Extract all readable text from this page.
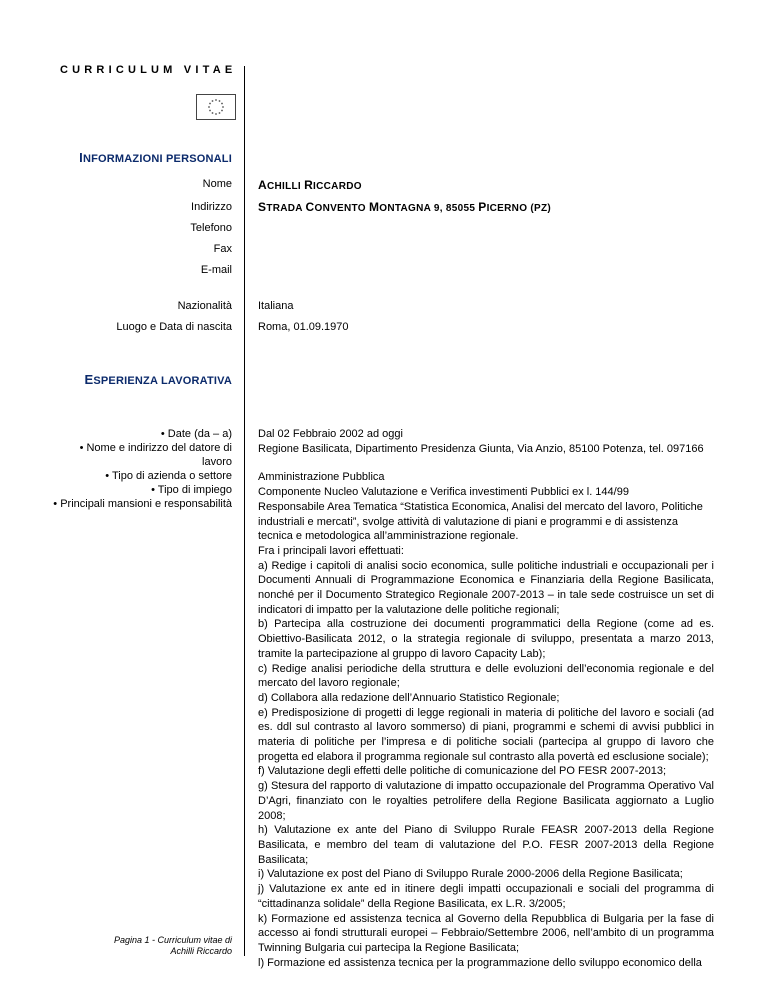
CURRICULUM VITAE
INFORMAZIONI PERSONALI
Nome ACHILLI RICCARDO
Indirizzo STRADA CONVENTO MONTAGNA 9, 85055 PICERNO (PZ)
Telefono
Fax
E-mail
Nazionalità Italiana
Luogo e Data di nascita Roma, 01.09.1970
ESPERIENZA LAVORATIVA
• Date (da – a)
• Nome e indirizzo del datore di
lavoro
• Tipo di azienda o settore
• Tipo di impiego
• Principali mansioni e responsabilità
Dal 02 Febbraio 2002 ad oggi
Regione Basilicata, Dipartimento Presidenza Giunta, Via Anzio, 85100 Potenza, tel. 097166
Amministrazione Pubblica
Componente Nucleo Valutazione e Verifica investimenti Pubblici ex l. 144/99
Responsabile Area Tematica “Statistica Economica, Analisi del mercato del lavoro, Politiche industriali e mercati”, svolge attività di valutazione di piani e programmi e di assistenza tecnica e metodologica all’amministrazione regionale.
Fra i principali lavori effettuati:
a) Redige i capitoli di analisi socio economica, sulle politiche industriali e occupazionali per i Documenti Annuali di Programmazione Economica e Finanziaria della Regione Basilicata, nonché per il Documento Strategico Regionale 2007-2013 – in tale sede costruisce un set di indicatori di impatto per la valutazione delle politiche regionali;
b) Partecipa alla costruzione dei documenti programmatici della Regione (come ad es. Obiettivo-Basilicata 2012, o la strategia regionale di sviluppo, presentata a marzo 2013, tramite la partecipazione al gruppo di lavoro Capacity Lab);
c) Redige analisi periodiche della struttura e delle evoluzioni dell’economia regionale e del mercato del lavoro regionale;
d) Collabora alla redazione dell’Annuario Statistico Regionale;
e) Predisposizione di progetti di legge regionali in materia di politiche del lavoro e sociali (ad es. ddl sul contrasto al lavoro sommerso) di piani, programmi e schemi di avvisi pubblici in materia di politiche per l’impresa e di politiche sociali (partecipa al gruppo di lavoro che progetta ed elabora il programma regionale sul contrasto alla povertà ed esclusione sociale);
f) Valutazione degli effetti delle politiche di comunicazione del PO FESR 2007-2013;
g) Stesura del rapporto di valutazione di impatto occupazionale del Programma Operativo Val D’Agri, finanziato con le royalties petrolifere della Regione Basilicata aggiornato a Luglio 2008;
h) Valutazione ex ante del Piano di Sviluppo Rurale FEASR 2007-2013 della Regione Basilicata, e membro del team di valutazione del P.O. FESR 2007-2013 della Regione Basilicata;
i) Valutazione ex post del Piano di Sviluppo Rurale 2000-2006 della Regione Basilicata;
j) Valutazione ex ante ed in itinere degli impatti occupazionali e sociali del programma di “cittadinanza solidale” della Regione Basilicata, ex L.R. 3/2005;
k) Formazione ed assistenza tecnica al Governo della Repubblica di Bulgaria per la fase di accesso ai fondi strutturali europei – Febbraio/Settembre 2006, nell’ambito di un programma Twinning Bulgaria cui partecipa la Regione Basilicata;
l) Formazione ed assistenza tecnica per la programmazione dello sviluppo economico della
Pagina 1 - Curriculum vitae di
Achilli Riccardo
